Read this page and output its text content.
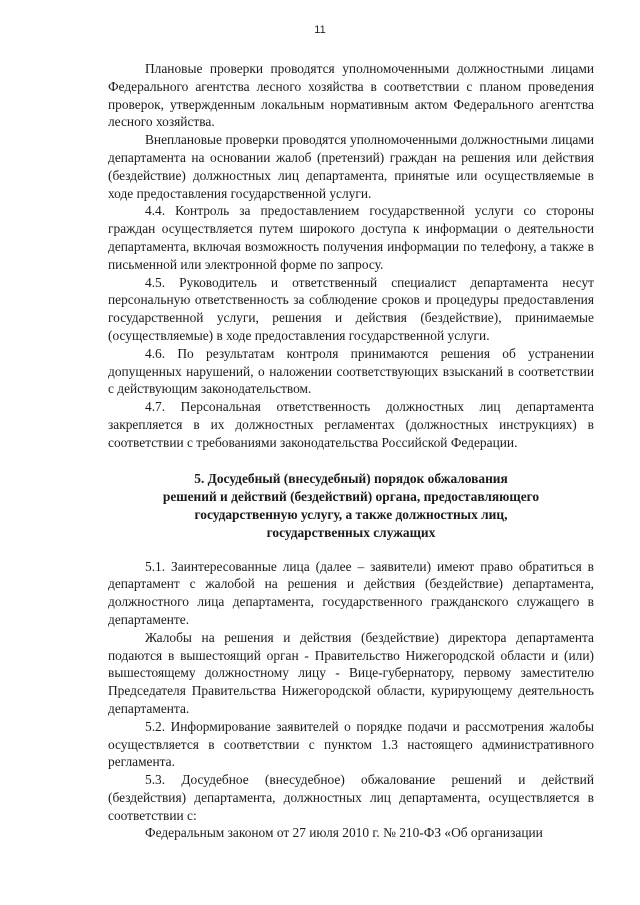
11

Плановые проверки проводятся уполномоченными должностными лицами Федерального агентства лесного хозяйства в соответствии с планом проведения проверок, утвержденным локальным нормативным актом Федерального агентства лесного хозяйства.

Внеплановые проверки проводятся уполномоченными должностными лицами департамента на основании жалоб (претензий) граждан на решения или действия (бездействие) должностных лиц департамента, принятые или осуществляемые в ходе предоставления государственной услуги.

4.4. Контроль за предоставлением государственной услуги со стороны граждан осуществляется путем широкого доступа к информации о деятельности департамента, включая возможность получения информации по телефону, а также в письменной или электронной форме по запросу.

4.5. Руководитель и ответственный специалист департамента несут персональную ответственность за соблюдение сроков и процедуры предоставления государственной услуги, решения и действия (бездействие), принимаемые (осуществляемые) в ходе предоставления государственной услуги.

4.6. По результатам контроля принимаются решения об устранении допущенных нарушений, о наложении соответствующих взысканий в соответствии с действующим законодательством.

4.7. Персональная ответственность должностных лиц департамента закрепляется в их должностных регламентах (должностных инструкциях) в соответствии с требованиями законодательства Российской Федерации.

5. Досудебный (внесудебный) порядок обжалования
решений и действий (бездействий) органа, предоставляющего
государственную услугу, а также должностных лиц,
государственных служащих

5.1. Заинтересованные лица (далее – заявители) имеют право обратиться в департамент с жалобой на решения и действия (бездействие) департамента, должностного лица департамента, государственного гражданского служащего в департаменте.

Жалобы на решения и действия (бездействие) директора департамента подаются в вышестоящий орган - Правительство Нижегородской области и (или) вышестоящему должностному лицу - Вице-губернатору, первому заместителю Председателя Правительства Нижегородской области, курирующему деятельность департамента.

5.2. Информирование заявителей о порядке подачи и рассмотрения жалобы осуществляется в соответствии с пунктом 1.3 настоящего административного регламента.

5.3. Досудебное (внесудебное) обжалование решений и действий (бездействия) департамента, должностных лиц департамента, осуществляется в соответствии с:

Федеральным законом от 27 июля 2010 г. № 210-ФЗ «Об организации
